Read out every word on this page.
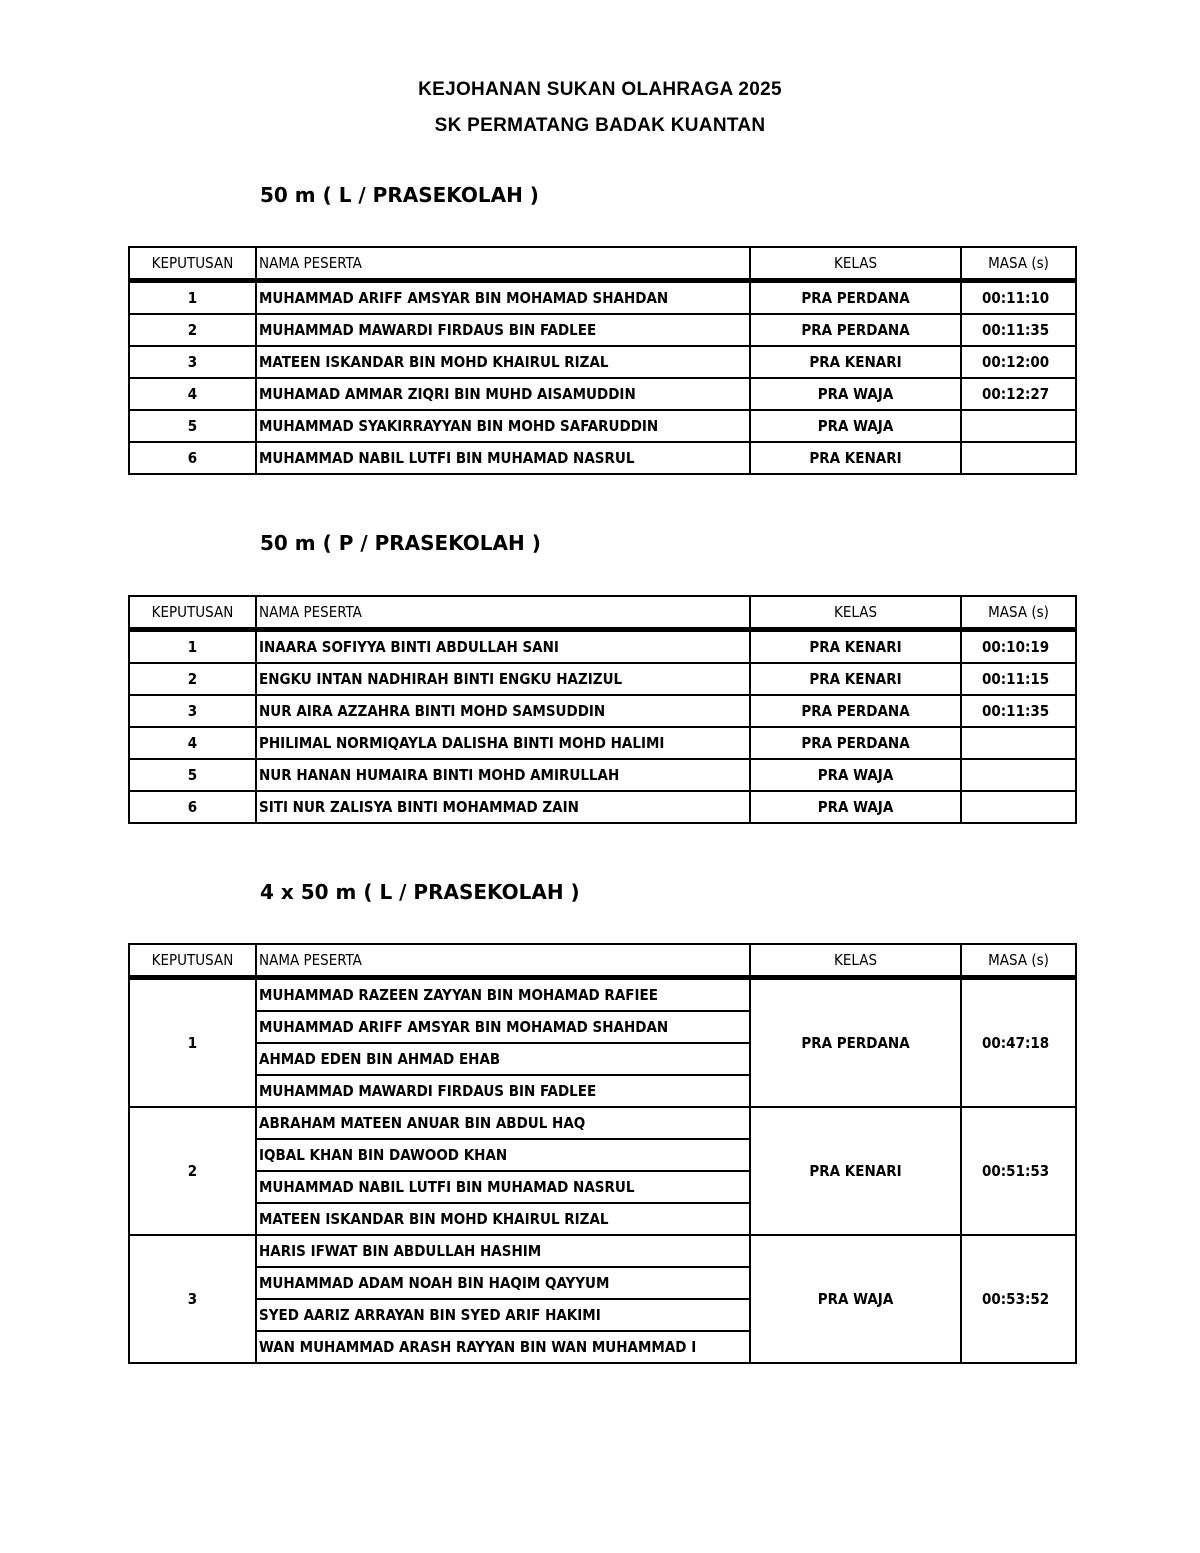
KEJOHANAN SUKAN OLAHRAGA 2025
SK PERMATANG BADAK KUANTAN
50 m ( L / PRASEKOLAH )
KEPUTUSAN	NAMA PESERTA	KELAS	MASA (s)
1	MUHAMMAD ARIFF AMSYAR BIN MOHAMAD SHAHDAN	PRA PERDANA	00:11:10
2	MUHAMMAD MAWARDI FIRDAUS BIN FADLEE	PRA PERDANA	00:11:35
3	MATEEN ISKANDAR BIN MOHD KHAIRUL RIZAL	PRA KENARI	00:12:00
4	MUHAMAD AMMAR ZIQRI BIN MUHD AISAMUDDIN	PRA WAJA	00:12:27
5	MUHAMMAD SYAKIRRAYYAN BIN MOHD SAFARUDDIN	PRA WAJA	
6	MUHAMMAD NABIL LUTFI BIN MUHAMAD NASRUL	PRA KENARI	
50 m ( P / PRASEKOLAH )
KEPUTUSAN	NAMA PESERTA	KELAS	MASA (s)
1	INAARA SOFIYYA BINTI ABDULLAH SANI	PRA KENARI	00:10:19
2	ENGKU INTAN NADHIRAH BINTI ENGKU HAZIZUL	PRA KENARI	00:11:15
3	NUR AIRA AZZAHRA BINTI MOHD SAMSUDDIN	PRA PERDANA	00:11:35
4	PHILIMAL NORMIQAYLA DALISHA BINTI MOHD HALIMI	PRA PERDANA	
5	NUR HANAN HUMAIRA BINTI MOHD AMIRULLAH	PRA WAJA	
6	SITI NUR ZALISYA BINTI MOHAMMAD ZAIN	PRA WAJA	
4 x 50 m ( L / PRASEKOLAH )
KEPUTUSAN	NAMA PESERTA	KELAS	MASA (s)
1	MUHAMMAD RAZEEN ZAYYAN BIN MOHAMAD RAFIEE	PRA PERDANA	00:47:18
	MUHAMMAD ARIFF AMSYAR BIN MOHAMAD SHAHDAN		
	AHMAD EDEN BIN AHMAD EHAB		
	MUHAMMAD MAWARDI FIRDAUS BIN FADLEE		
2	ABRAHAM MATEEN ANUAR BIN ABDUL HAQ	PRA KENARI	00:51:53
	IQBAL KHAN BIN DAWOOD KHAN		
	MUHAMMAD NABIL LUTFI BIN MUHAMAD NASRUL		
	MATEEN ISKANDAR BIN MOHD KHAIRUL RIZAL		
3	HARIS IFWAT BIN ABDULLAH HASHIM	PRA WAJA	00:53:52
	MUHAMMAD ADAM NOAH BIN HAQIM QAYYUM		
	SYED AARIZ ARRAYAN BIN SYED ARIF HAKIMI		
	WAN MUHAMMAD ARASH RAYYAN BIN WAN MUHAMMAD I		
